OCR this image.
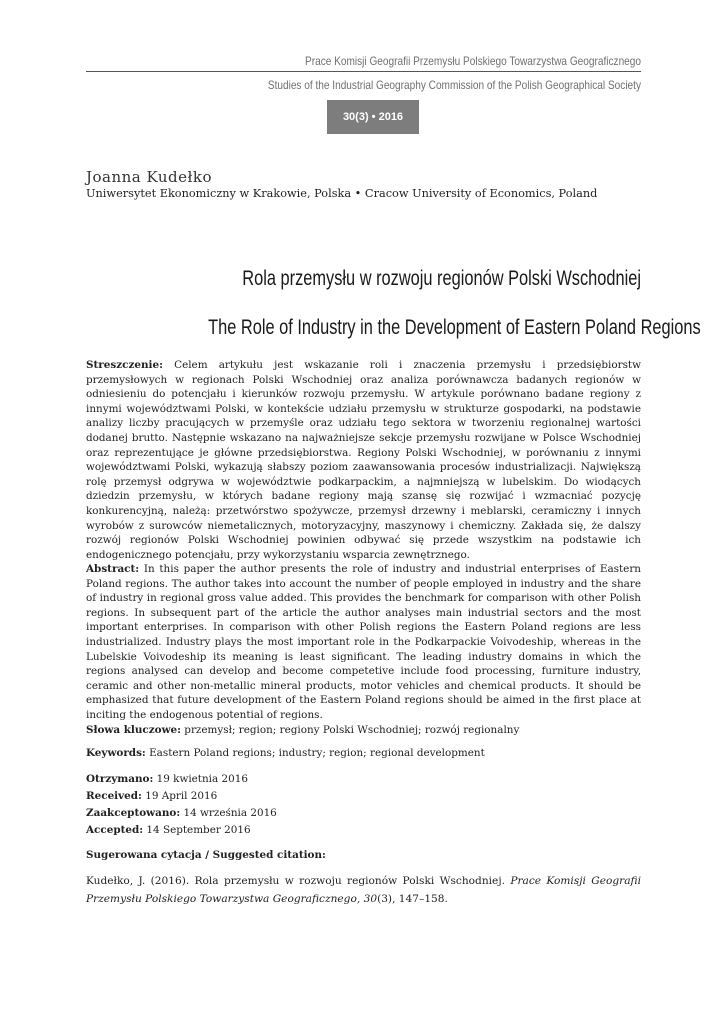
Prace Komisji Geografii Przemysłu Polskiego Towarzystwa Geograficznego
Studies of the Industrial Geography Commission of the Polish Geographical Society
30(3) • 2016
Joanna Kudełko
Uniwersytet Ekonomiczny w Krakowie, Polska • Cracow University of Economics, Poland
Rola przemysłu w rozwoju regionów Polski Wschodniej
The Role of Industry in the Development of Eastern Poland Regions
Streszczenie: Celem artykułu jest wskazanie roli i znaczenia przemysłu i przedsiębiorstw przemysłowych w regionach Polski Wschodniej oraz analiza porównawcza badanych regionów w odniesieniu do potencjału i kierunków rozwoju przemysłu. W artykule porównano badane regiony z innymi województwami Polski, w kontekście udziału przemysłu w strukturze gospodarki, na podstawie analizy liczby pracujących w przemyśle oraz udziału tego sektora w tworzeniu regionalnej wartości dodanej brutto. Następnie wskazano na najważniejsze sekcje przemysłu rozwijane w Polsce Wschodniej oraz reprezentujące je główne przedsiębiorstwa. Regiony Polski Wschodniej, w porównaniu z innymi województwami Polski, wykazują słabszy poziom zaawansowania procesów industrializacji. Największą rolę przemysł odgrywa w województwie podkarpackim, a najmniejszą w lubelskim. Do wiodących dziedzin przemysłu, w których badane regiony mają szansę się rozwijać i wzmacniać pozycję konkurencyjną, należą: przetwórstwo spożywcze, przemysł drzewny i meblarski, ceramiczny i innych wyrobów z surowców niemetalicznych, motoryzacyjny, maszynowy i chemiczny. Zakłada się, że dalszy rozwój regionów Polski Wschodniej powinien odbywać się przede wszystkim na podstawie ich endogenicznego potencjału, przy wykorzystaniu wsparcia zewnętrznego.
Abstract: In this paper the author presents the role of industry and industrial enterprises of Eastern Poland regions. The author takes into account the number of people employed in industry and the share of industry in regional gross value added. This provides the benchmark for comparison with other Polish regions. In subsequent part of the article the author analyses main industrial sectors and the most important enterprises. In comparison with other Polish regions the Eastern Poland regions are less industrialized. Industry plays the most important role in the Podkarpackie Voivodeship, whereas in the Lubelskie Voivodeship its meaning is least significant. The leading industry domains in which the regions analysed can develop and become competetive include food processing, furniture industry, ceramic and other non-metallic mineral products, motor vehicles and chemical products. It should be emphasized that future development of the Eastern Poland regions should be aimed in the first place at inciting the endogenous potential of regions.
Słowa kluczowe: przemysł; region; regiony Polski Wschodniej; rozwój regionalny
Keywords: Eastern Poland regions; industry; region; regional development
Otrzymano: 19 kwietnia 2016
Received: 19 April 2016
Zaakceptowano: 14 września 2016
Accepted: 14 September 2016
Sugerowana cytacja / Suggested citation:
Kudełko, J. (2016). Rola przemysłu w rozwoju regionów Polski Wschodniej. Prace Komisji Geografii Przemysłu Polskiego Towarzystwa Geograficznego, 30(3), 147–158.
